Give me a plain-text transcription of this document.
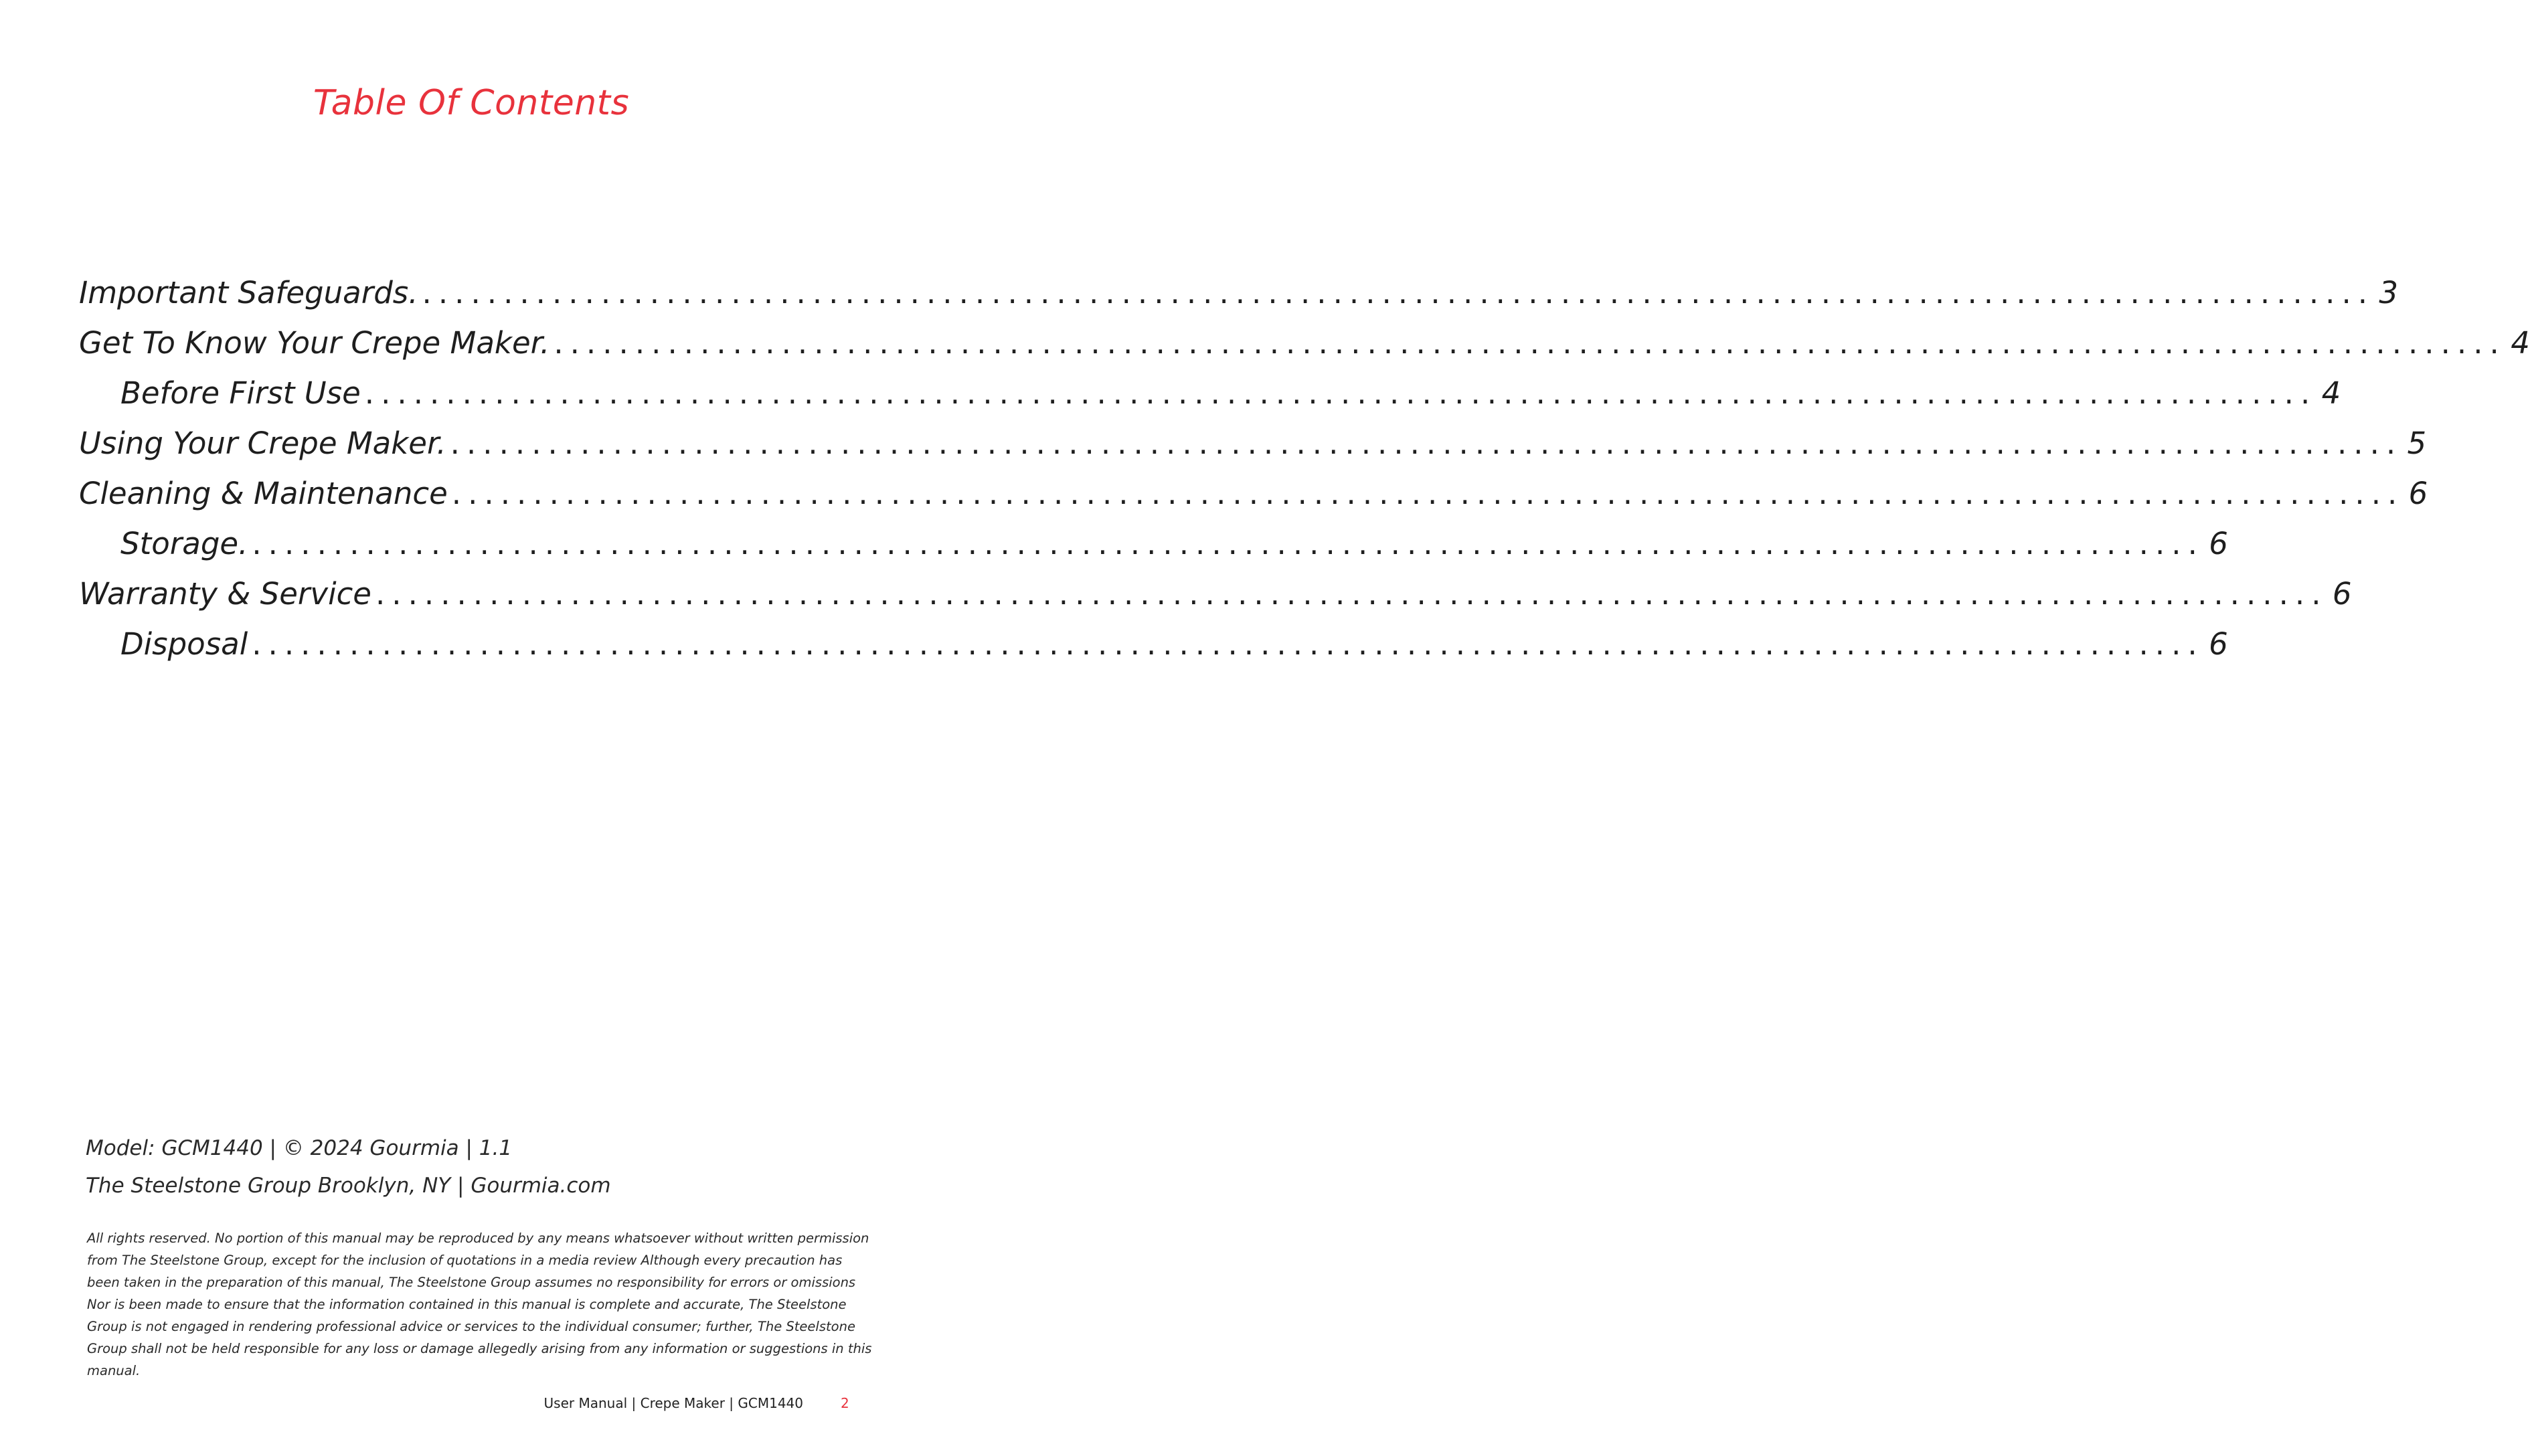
Table Of Contents
Important Safeguards. ........................................................................................................................ 3
Get To Know Your Crepe Maker. ........................................................................................................................ 4
Before First Use ........................................................................................................................ 4
Using Your Crepe Maker. ........................................................................................................................ 5
Cleaning & Maintenance ........................................................................................................................ 6
Storage. ........................................................................................................................ 6
Warranty & Service ........................................................................................................................ 6
Disposal ........................................................................................................................ 6
Model: GCM1440 | © 2024 Gourmia | 1.1
The Steelstone Group Brooklyn, NY | Gourmia.com
All rights reserved. No portion of this manual may be reproduced by any means whatsoever without written permission from The Steelstone Group, except for the inclusion of quotations in a media review Although every precaution has been taken in the preparation of this manual, The Steelstone Group assumes no responsibility for errors or omissions Nor is been made to ensure that the information contained in this manual is complete and accurate, The Steelstone Group is not engaged in rendering professional advice or services to the individual consumer; further, The Steelstone Group shall not be held responsible for any loss or damage allegedly arising from any information or suggestions in this manual.
User Manual | Crepe Maker | GCM1440	2
